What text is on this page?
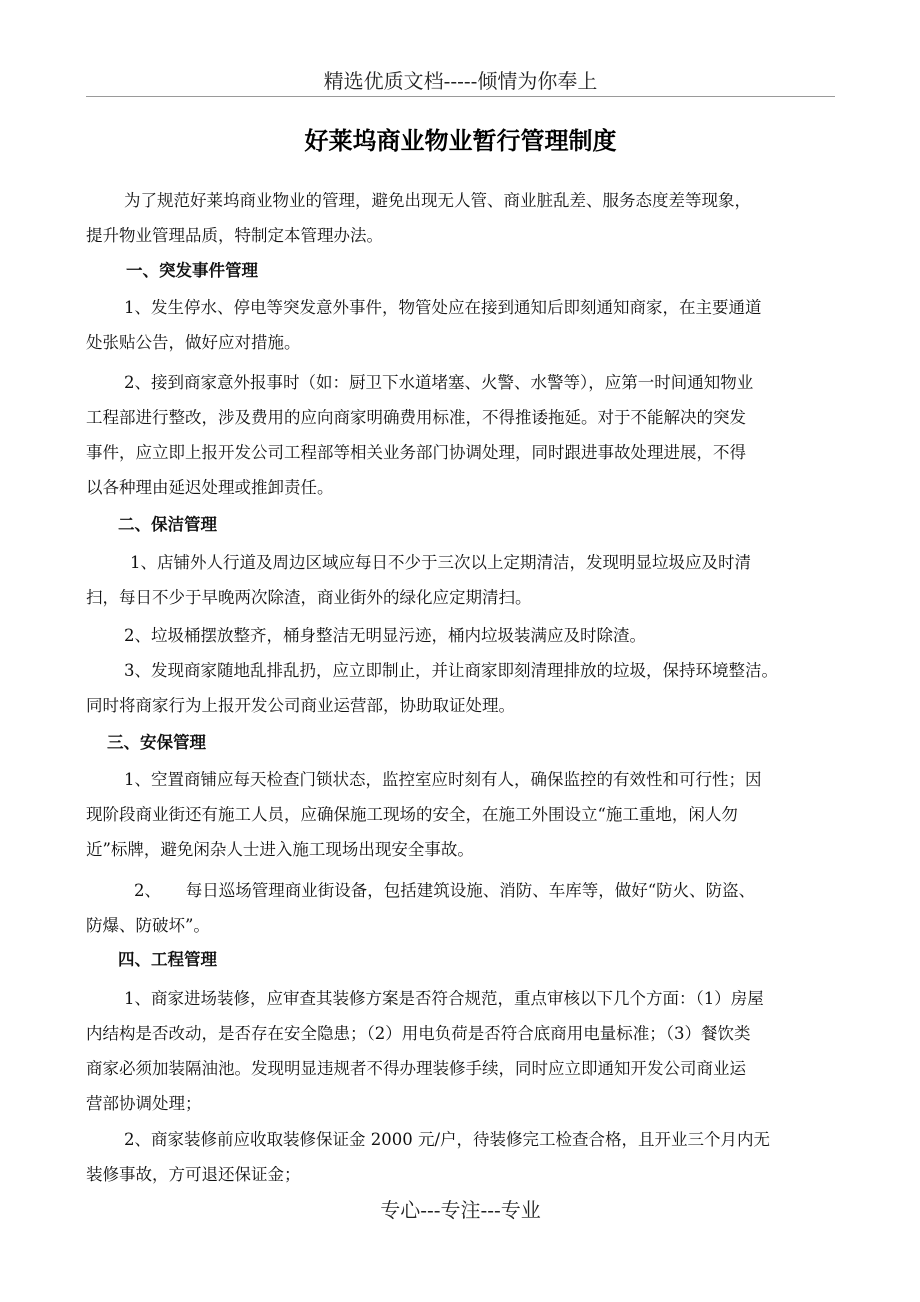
精选优质文档-----倾情为你奉上
好莱坞商业物业暂行管理制度
为了规范好莱坞商业物业的管理，避免出现无人管、商业脏乱差、服务态度差等现象，
提升物业管理品质，特制定本管理办法。
一、突发事件管理
1、发生停水、停电等突发意外事件，物管处应在接到通知后即刻通知商家，在主要通道
处张贴公告，做好应对措施。
2、接到商家意外报事时（如：厨卫下水道堵塞、火警、水警等），应第一时间通知物业
工程部进行整改，涉及费用的应向商家明确费用标准，不得推诿拖延。对于不能解决的突发
事件，应立即上报开发公司工程部等相关业务部门协调处理，同时跟进事故处理进展，不得
以各种理由延迟处理或推卸责任。
二、保洁管理
1、店铺外人行道及周边区域应每日不少于三次以上定期清洁，发现明显垃圾应及时清
扫，每日不少于早晚两次除渣，商业街外的绿化应定期清扫。
2、垃圾桶摆放整齐，桶身整洁无明显污迹，桶内垃圾装满应及时除渣。
3、发现商家随地乱排乱扔，应立即制止，并让商家即刻清理排放的垃圾，保持环境整洁。
同时将商家行为上报开发公司商业运营部，协助取证处理。
三、安保管理
1、空置商铺应每天检查门锁状态，监控室应时刻有人，确保监控的有效性和可行性；因
现阶段商业街还有施工人员，应确保施工现场的安全，在施工外围设立“施工重地，闲人勿
近”标牌，避免闲杂人士进入施工现场出现安全事故。
2、　　每日巡场管理商业街设备，包括建筑设施、消防、车库等，做好“防火、防盗、
防爆、防破坏”。
四、工程管理
1、商家进场装修，应审查其装修方案是否符合规范，重点审核以下几个方面：（1）房屋
内结构是否改动，是否存在安全隐患；（2）用电负荷是否符合底商用电量标准；（3）餐饮类
商家必须加装隔油池。发现明显违规者不得办理装修手续，同时应立即通知开发公司商业运
营部协调处理；
2、商家装修前应收取装修保证金 2000 元/户，待装修完工检查合格，且开业三个月内无
装修事故，方可退还保证金；
专心---专注---专业
